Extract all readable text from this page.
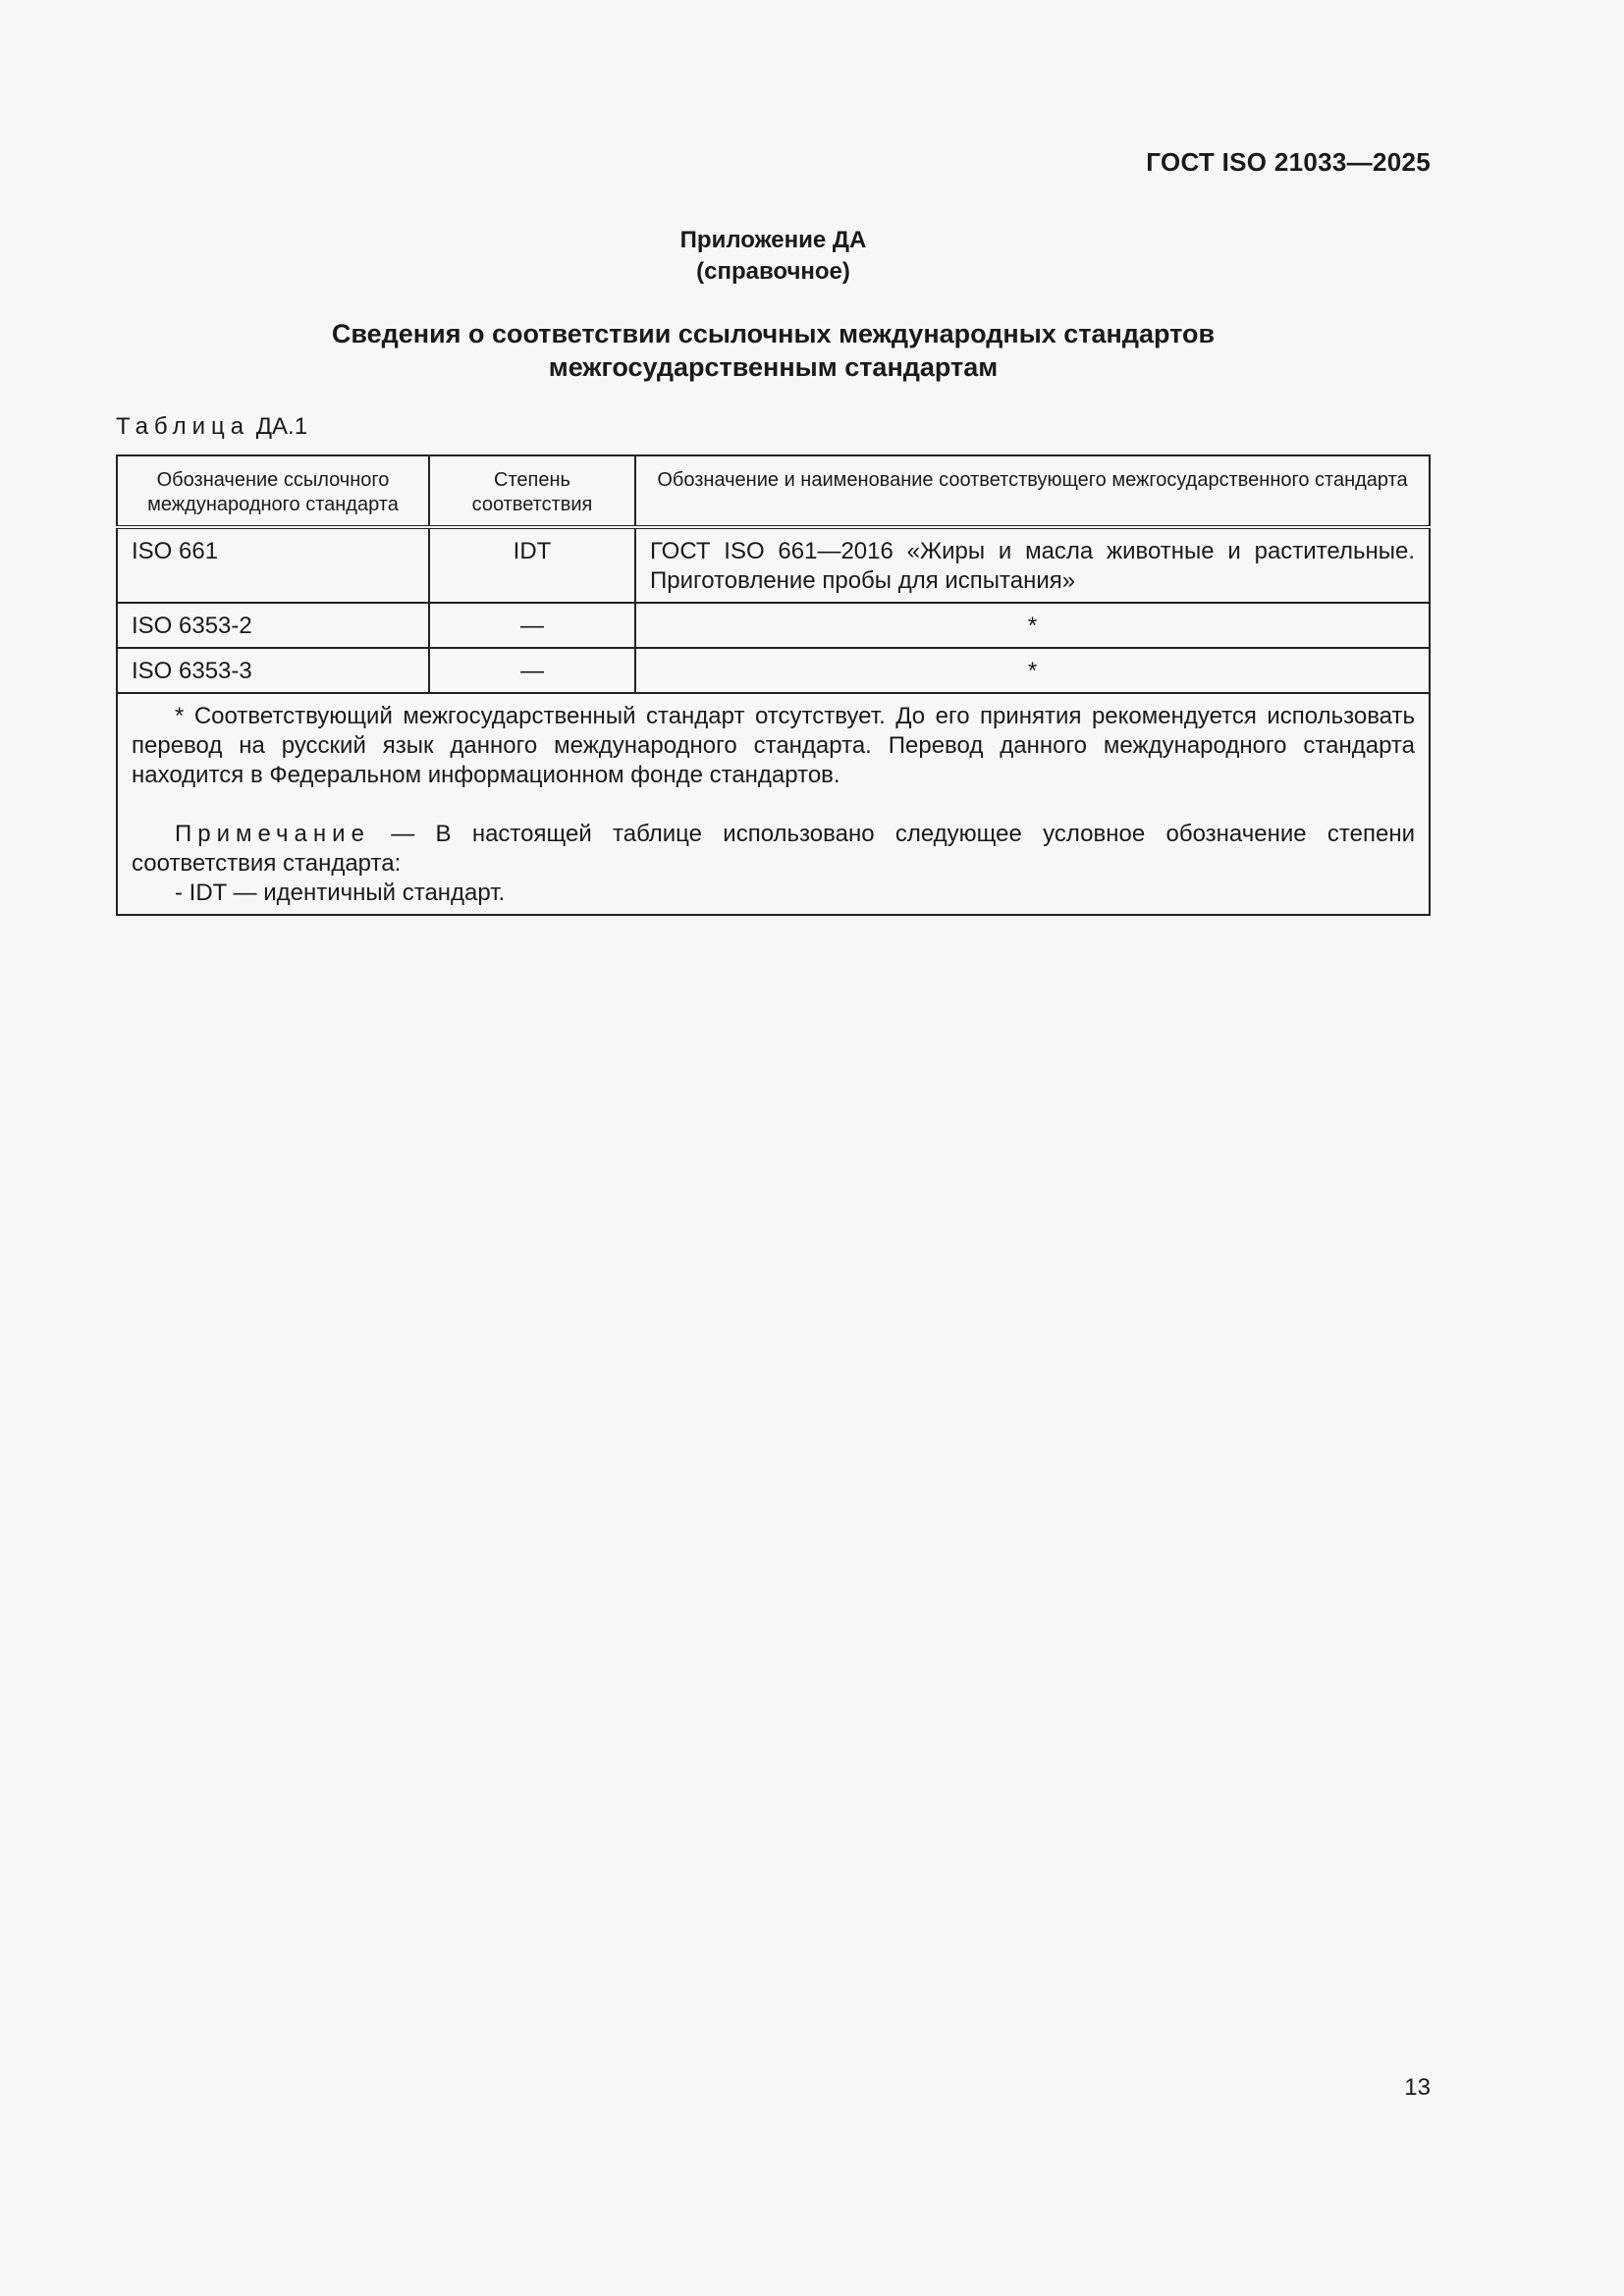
ГОСТ ISO 21033—2025
Приложение ДА
(справочное)
Сведения о соответствии ссылочных международных стандартов
межгосударственным стандартам
Таблица ДА.1
Обозначение ссылочного международного стандарта	Степень соответствия	Обозначение и наименование соответствующего межгосударственного стандарта
ISO 661	IDT	ГОСТ ISO 661—2016 «Жиры и масла животные и растительные. Приготовление пробы для испытания»
ISO 6353-2	—	*
ISO 6353-3	—	*

* Соответствующий межгосударственный стандарт отсутствует. До его принятия рекомендуется использовать перевод на русский язык данного международного стандарта. Перевод данного международного стандарта находится в Федеральном информационном фонде стандартов.

Примечание — В настоящей таблице использовано следующее условное обозначение степени соответствия стандарта:

- IDT — идентичный стандарт.		

13
